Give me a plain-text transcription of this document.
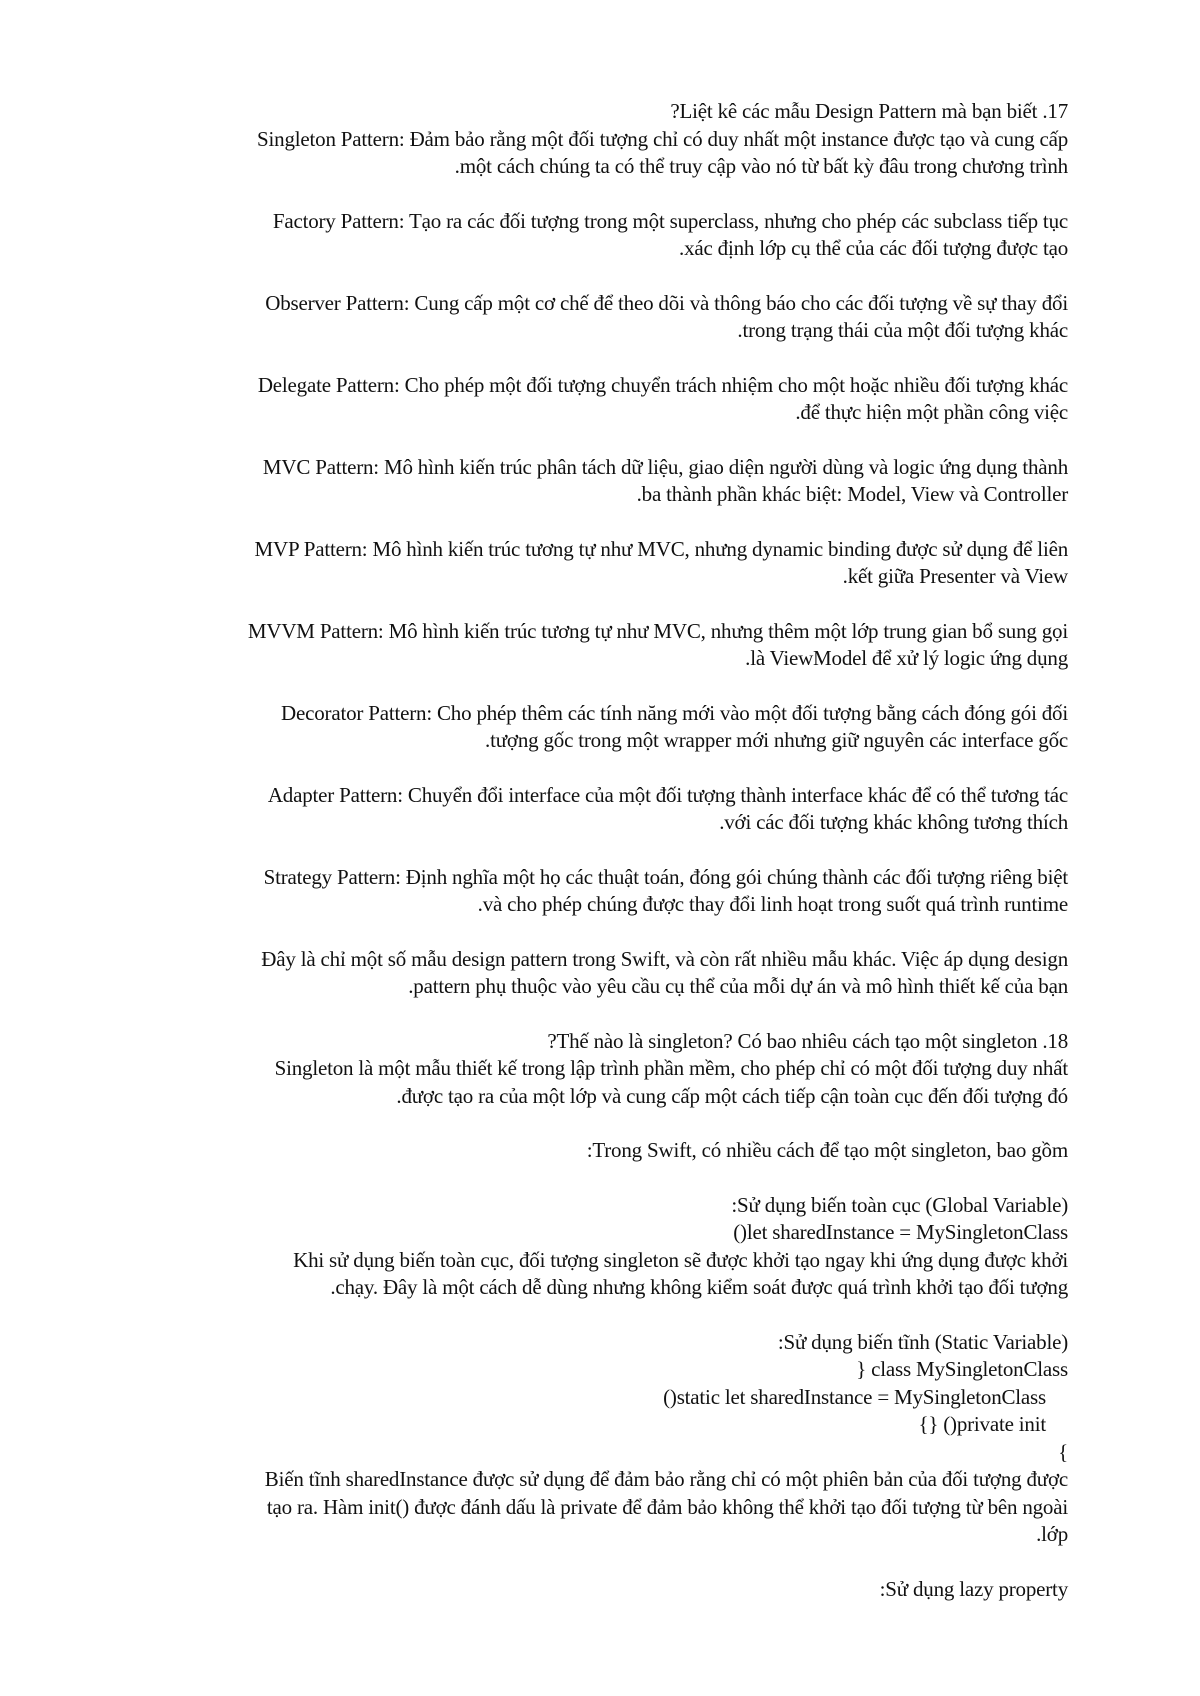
?Liệt kê các mẫu Design Pattern mà bạn biết .17
Singleton Pattern: Đảm bảo rằng một đối tượng chỉ có duy nhất một instance được tạo và cung cấp
.một cách chúng ta có thể truy cập vào nó từ bất kỳ đâu trong chương trình
Factory Pattern: Tạo ra các đối tượng trong một superclass, nhưng cho phép các subclass tiếp tục
.xác định lớp cụ thể của các đối tượng được tạo
Observer Pattern: Cung cấp một cơ chế để theo dõi và thông báo cho các đối tượng về sự thay đổi
.trong trạng thái của một đối tượng khác
Delegate Pattern: Cho phép một đối tượng chuyển trách nhiệm cho một hoặc nhiều đối tượng khác
.để thực hiện một phần công việc
MVC Pattern: Mô hình kiến trúc phân tách dữ liệu, giao diện người dùng và logic ứng dụng thành
.ba thành phần khác biệt: Model, View và Controller
MVP Pattern: Mô hình kiến trúc tương tự như MVC, nhưng dynamic binding được sử dụng để liên
.kết giữa Presenter và View
MVVM Pattern: Mô hình kiến trúc tương tự như MVC, nhưng thêm một lớp trung gian bổ sung gọi
.là ViewModel để xử lý logic ứng dụng
Decorator Pattern: Cho phép thêm các tính năng mới vào một đối tượng bằng cách đóng gói đối
.tượng gốc trong một wrapper mới nhưng giữ nguyên các interface gốc
Adapter Pattern: Chuyển đổi interface của một đối tượng thành interface khác để có thể tương tác
.với các đối tượng khác không tương thích
Strategy Pattern: Định nghĩa một họ các thuật toán, đóng gói chúng thành các đối tượng riêng biệt
.và cho phép chúng được thay đổi linh hoạt trong suốt quá trình runtime
Đây là chỉ một số mẫu design pattern trong Swift, và còn rất nhiều mẫu khác. Việc áp dụng design
.pattern phụ thuộc vào yêu cầu cụ thể của mỗi dự án và mô hình thiết kế của bạn
?Thế nào là singleton? Có bao nhiêu cách tạo một singleton .18
Singleton là một mẫu thiết kế trong lập trình phần mềm, cho phép chỉ có một đối tượng duy nhất
.được tạo ra của một lớp và cung cấp một cách tiếp cận toàn cục đến đối tượng đó
:Trong Swift, có nhiều cách để tạo một singleton, bao gồm
:Sử dụng biến toàn cục (Global Variable)
()let sharedInstance = MySingletonClass
Khi sử dụng biến toàn cục, đối tượng singleton sẽ được khởi tạo ngay khi ứng dụng được khởi
.chạy. Đây là một cách dễ dùng nhưng không kiểm soát được quá trình khởi tạo đối tượng
:Sử dụng biến tĩnh (Static Variable)
} class MySingletonClass
()static let sharedInstance = MySingletonClass
{} ()private init
{
Biến tĩnh sharedInstance được sử dụng để đảm bảo rằng chỉ có một phiên bản của đối tượng được
tạo ra. Hàm init() được đánh dấu là private để đảm bảo không thể khởi tạo đối tượng từ bên ngoài
.lớp
:Sử dụng lazy property
